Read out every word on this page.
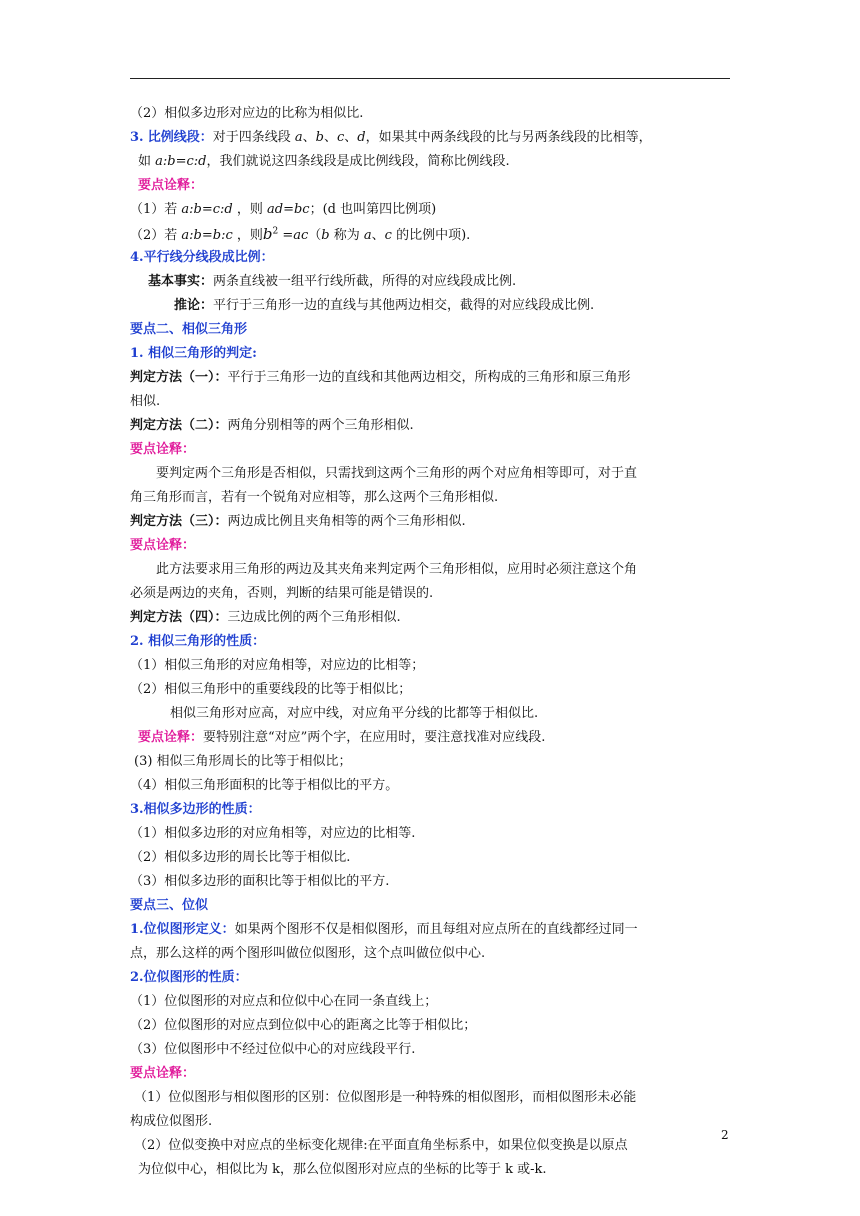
（2）相似多边形对应边的比称为相似比.
3. 比例线段：对于四条线段 a、b、c、d，如果其中两条线段的比与另两条线段的比相等，
如 a:b=c:d，我们就说这四条线段是成比例线段，简称比例线段.
要点诠释：
（1）若 a:b=c:d ，则 ad=bc；(d 也叫第四比例项)
（2）若 a:b=b:c ，则$b^2 =ac(b$ 称为 a、c 的比例中项).
4.平行线分线段成比例：
基本事实：两条直线被一组平行线所截，所得的对应线段成比例.
推论：平行于三角形一边的直线与其他两边相交，截得的对应线段成比例.
要点二、相似三角形
1. 相似三角形的判定:
判定方法（一）：平行于三角形一边的直线和其他两边相交，所构成的三角形和原三角形
相似.
判定方法（二）：两角分别相等的两个三角形相似.
要点诠释：
要判定两个三角形是否相似，只需找到这两个三角形的两个对应角相等即可，对于直
角三角形而言，若有一个锐角对应相等，那么这两个三角形相似.
判定方法（三）：两边成比例且夹角相等的两个三角形相似.
要点诠释：
此方法要求用三角形的两边及其夹角来判定两个三角形相似，应用时必须注意这个角
必须是两边的夹角，否则，判断的结果可能是错误的.
判定方法（四）：三边成比例的两个三角形相似.
2. 相似三角形的性质：
（1）相似三角形的对应角相等，对应边的比相等；
（2）相似三角形中的重要线段的比等于相似比；
相似三角形对应高，对应中线，对应角平分线的比都等于相似比.
要点诠释：要特别注意“对应”两个字，在应用时，要注意找准对应线段.
(3) 相似三角形周长的比等于相似比；
（4）相似三角形面积的比等于相似比的平方。
3.相似多边形的性质：
（1）相似多边形的对应角相等，对应边的比相等.
（2）相似多边形的周长比等于相似比.
（3）相似多边形的面积比等于相似比的平方.
要点三、位似
1.位似图形定义：如果两个图形不仅是相似图形，而且每组对应点所在的直线都经过同一
点，那么这样的两个图形叫做位似图形，这个点叫做位似中心.
2.位似图形的性质：
（1）位似图形的对应点和位似中心在同一条直线上；
（2）位似图形的对应点到位似中心的距离之比等于相似比；
（3）位似图形中不经过位似中心的对应线段平行.
要点诠释：
（1）位似图形与相似图形的区别：位似图形是一种特殊的相似图形，而相似图形未必能
构成位似图形.
（2）位似变换中对应点的坐标变化规律:在平面直角坐标系中，如果位似变换是以原点
为位似中心，相似比为 k，那么位似图形对应点的坐标的比等于 k 或-k.
2
